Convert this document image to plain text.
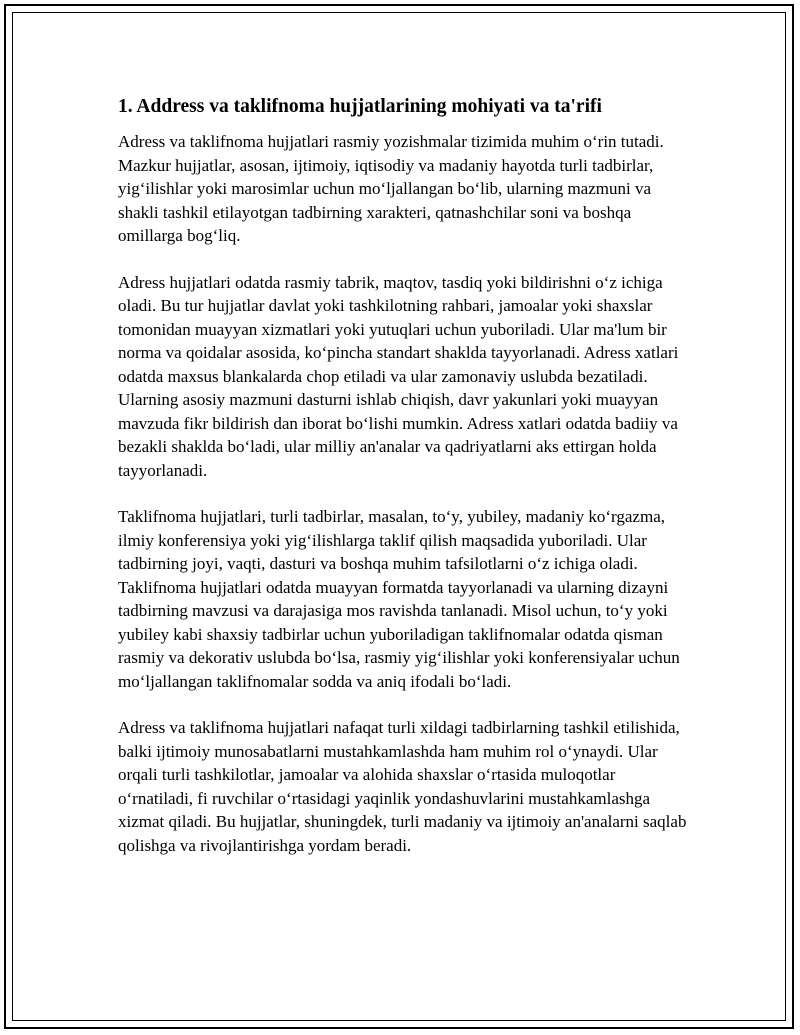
1. Address va taklifnoma hujjatlarining mohiyati va ta'rifi

Adress va taklifnoma hujjatlari rasmiy yozishmalar tizimida muhim o‘rin tutadi. Mazkur hujjatlar, asosan, ijtimoiy, iqtisodiy va madaniy hayotda turli tadbirlar, yig‘ilishlar yoki marosimlar uchun mo‘ljallangan bo‘lib, ularning mazmuni va shakli tashkil etilayotgan tadbirning xarakteri, qatnashchilar soni va boshqa omillarga bog‘liq.

Adress hujjatlari odatda rasmiy tabrik, maqtov, tasdiq yoki bildirishni o‘z ichiga oladi. Bu tur hujjatlar davlat yoki tashkilotning rahbari, jamoalar yoki shaxslar tomonidan muayyan xizmatlari yoki yutuqlari uchun yuboriladi. Ular ma'lum bir norma va qoidalar asosida, ko‘pincha standart shaklda tayyorlanadi. Adress xatlari odatda maxsus blankalarda chop etiladi va ular zamonaviy uslubda bezatiladi. Ularning asosiy mazmuni dasturni ishlab chiqish, davr yakunlari yoki muayyan mavzuda fikr bildirish dan iborat bo‘lishi mumkin. Adress xatlari odatda badiiy va bezakli shaklda bo‘ladi, ular milliy an'analar va qadriyatlarni aks ettirgan holda tayyorlanadi.

Taklifnoma hujjatlari, turli tadbirlar, masalan, to‘y, yubiley, madaniy ko‘rgazma, ilmiy konferensiya yoki yig‘ilishlarga taklif qilish maqsadida yuboriladi. Ular tadbirning joyi, vaqti, dasturi va boshqa muhim tafsilotlarni o‘z ichiga oladi. Taklifnoma hujjatlari odatda muayyan formatda tayyorlanadi va ularning dizayni tadbirning mavzusi va darajasiga mos ravishda tanlanadi. Misol uchun, to‘y yoki yubiley kabi shaxsiy tadbirlar uchun yuboriladigan taklifnomalar odatda qisman rasmiy va dekorativ uslubda bo‘lsa, rasmiy yig‘ilishlar yoki konferensiyalar uchun mo‘ljallangan taklifnomalar sodda va aniq ifodali bo‘ladi.

Adress va taklifnoma hujjatlari nafaqat turli xildagi tadbirlarning tashkil etilishida, balki ijtimoiy munosabatlarni mustahkamlashda ham muhim rol o‘ynaydi. Ular orqali turli tashkilotlar, jamoalar va alohida shaxslar o‘rtasida muloqotlar o‘rnatiladi, fi ruvchilar o‘rtasidagi yaqinlik yondashuvlarini mustahkamlashga xizmat qiladi. Bu hujjatlar, shuningdek, turli madaniy va ijtimoiy an'analarni saqlab qolishga va rivojlantirishga yordam beradi.
